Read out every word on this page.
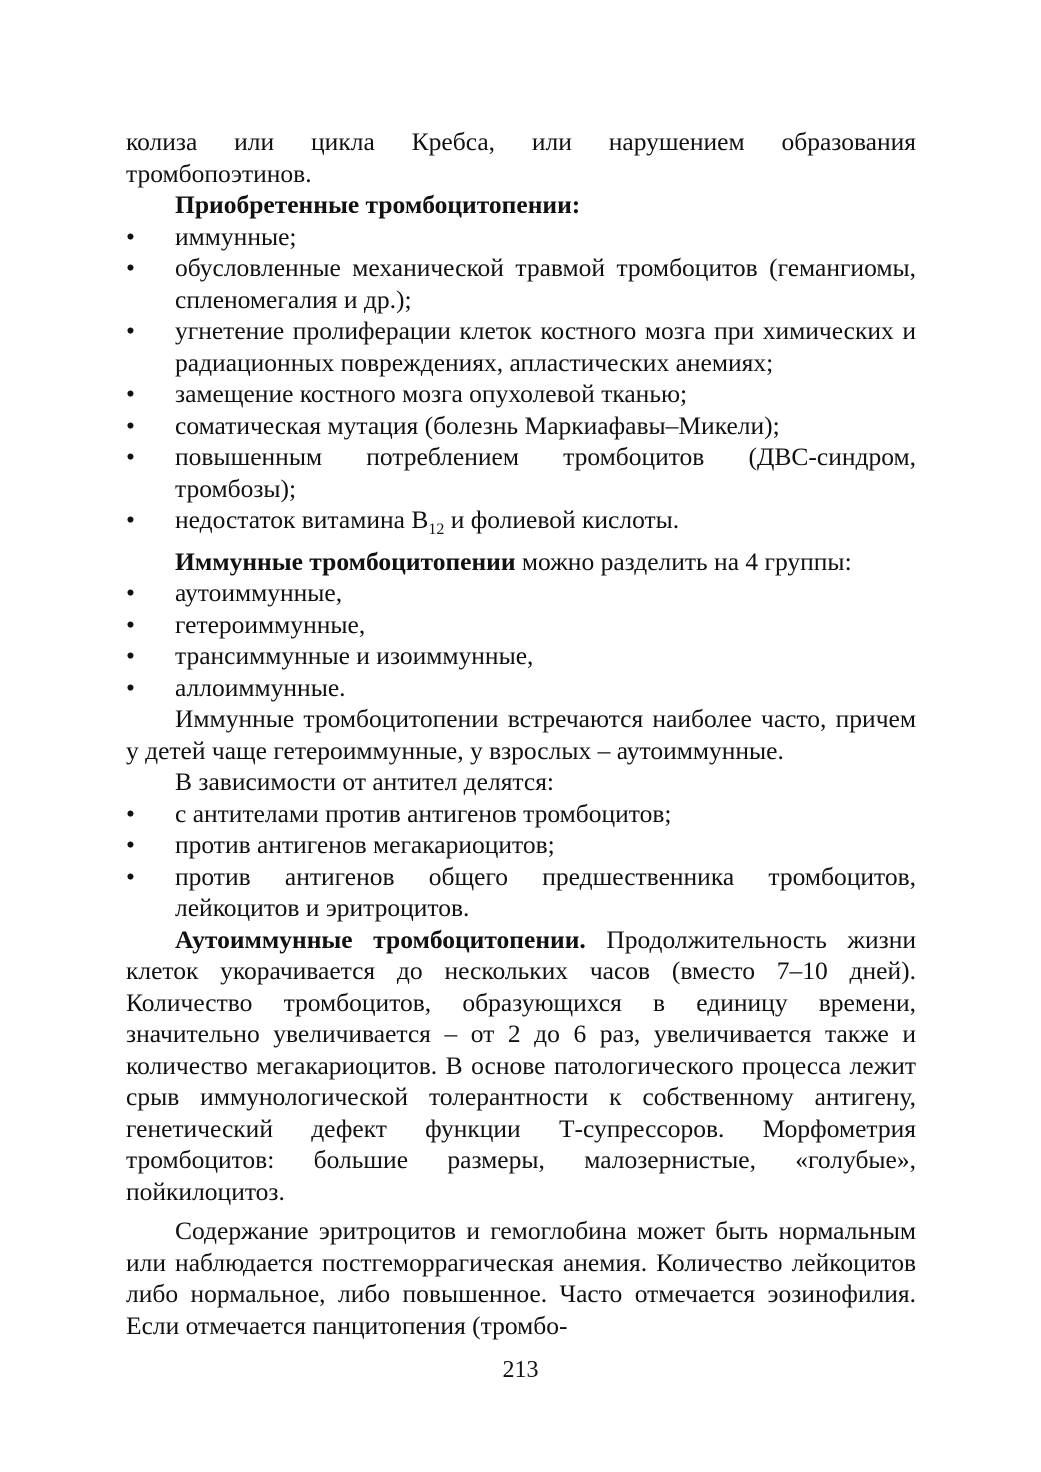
колиза или цикла Кребса, или нарушением образования тромбопоэтинов.

Приобретенные тромбоцитопении:

• иммунные;
• обусловленные механической травмой тромбоцитов (гемангиомы, спленомегалия и др.);
• угнетение пролиферации клеток костного мозга при химических и радиационных повреждениях, апластических анемиях;
• замещение костного мозга опухолевой тканью;
• соматическая мутация (болезнь Маркиафавы–Микели);
• повышенным потреблением тромбоцитов (ДВС-синдром, тромбозы);
• недостаток витамина $B_{12}$ и фолиевой кислоты.

Иммунные тромбоцитопении можно разделить на 4 группы:

• аутоиммунные,
• гетероиммунные,
• трансиммунные и изоиммунные,
• аллоиммунные.

Иммунные тромбоцитопении встречаются наиболее часто, причем у детей чаще гетероиммунные, у взрослых – аутоиммунные.

В зависимости от антител делятся:

• с антителами против антигенов тромбоцитов;
• против антигенов мегакариоцитов;
• против антигенов общего предшественника тромбоцитов, лейкоцитов и эритроцитов.

Аутоиммунные тромбоцитопении. Продолжительность жизни клеток укорачивается до нескольких часов (вместо 7–10 дней). Количество тромбоцитов, образующихся в единицу времени, значительно увеличивается – от 2 до 6 раз, увеличивается также и количество мегакариоцитов. В основе патологического процесса лежит срыв иммунологической толерантности к собственному антигену, генетический дефект функции Т-супрессоров. Морфометрия тромбоцитов: большие размеры, малозернистые, «голубые», пойкилоцитоз.

Содержание эритроцитов и гемоглобина может быть нормальным или наблюдается постгеморрагическая анемия. Количество лейкоцитов либо нормальное, либо повышенное. Часто отмечается эозинофилия. Если отмечается панцитопения (тромбо-

213
